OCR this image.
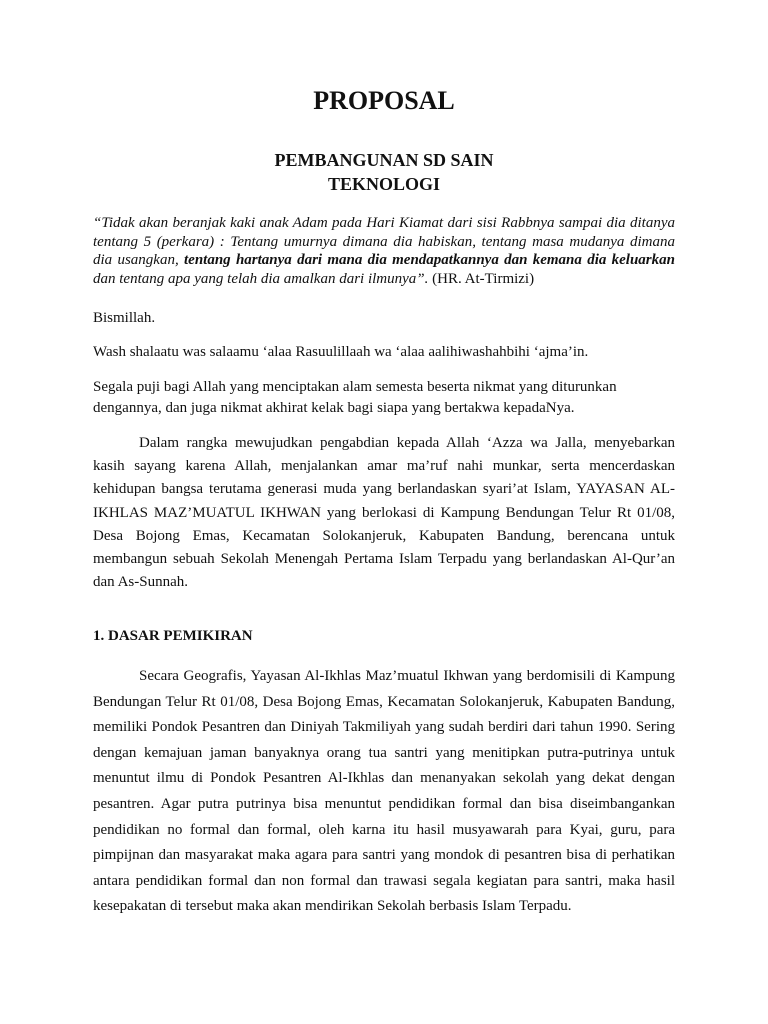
PROPOSAL
PEMBANGUNAN SD SAIN
TEKNOLOGI

“Tidak akan beranjak kaki anak Adam pada Hari Kiamat dari sisi Rabbnya sampai dia ditanya tentang 5 (perkara) : Tentang umurnya dimana dia habiskan, tentang masa mudanya dimana dia usangkan, tentang hartanya dari mana dia mendapatkannya dan kemana dia keluarkan dan tentang apa yang telah dia amalkan dari ilmunya”. (HR. At-Tirmizi)

Bismillah.

Wash shalaatu was salaamu ‘alaa Rasuulillaah wa ‘alaa aalihiwashahbihi ‘ajma’in.

Segala puji bagi Allah yang menciptakan alam semesta beserta nikmat yang diturunkan dengannya, dan juga nikmat akhirat kelak bagi siapa yang bertakwa kepadaNya.

Dalam rangka mewujudkan pengabdian kepada Allah ‘Azza wa Jalla, menyebarkan kasih sayang karena Allah, menjalankan amar ma’ruf nahi munkar, serta mencerdaskan kehidupan bangsa terutama generasi muda yang berlandaskan syari’at Islam, YAYASAN AL- IKHLAS MAZ’MUATUL IKHWAN yang berlokasi di Kampung Bendungan Telur Rt 01/08, Desa Bojong Emas, Kecamatan Solokanjeruk, Kabupaten Bandung, berencana untuk membangun sebuah Sekolah Menengah Pertama Islam Terpadu yang berlandaskan Al-Qur’an dan As-Sunnah.

1. DASAR PEMIKIRAN

Secara Geografis, Yayasan Al-Ikhlas Maz’muatul Ikhwan yang berdomisili di Kampung Bendungan Telur Rt 01/08, Desa Bojong Emas, Kecamatan Solokanjeruk, Kabupaten Bandung, memiliki Pondok Pesantren dan Diniyah Takmiliyah yang sudah berdiri dari tahun 1990. Sering dengan kemajuan jaman banyaknya orang tua santri yang menitipkan putra-putrinya untuk menuntut ilmu di Pondok Pesantren Al-Ikhlas dan menanyakan sekolah yang dekat dengan pesantren. Agar putra putrinya bisa menuntut pendidikan formal dan bisa diseimbangankan pendidikan no formal dan formal, oleh karna itu hasil musyawarah para Kyai, guru, para pimpijnan dan masyarakat maka agara para santri yang mondok di pesantren bisa di perhatikan antara pendidikan formal dan non formal dan trawasi segala kegiatan para santri, maka hasil kesepakatan di tersebut maka akan mendirikan Sekolah berbasis Islam Terpadu.
